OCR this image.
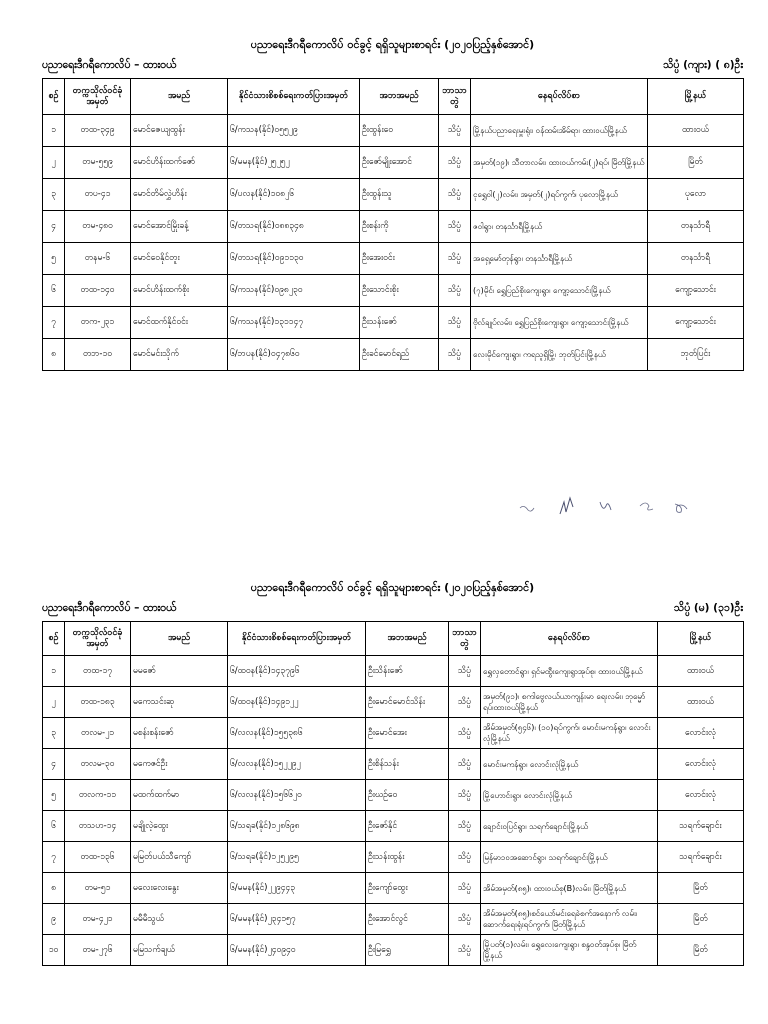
ပညာရေးဒီဂရီကောလိပ် ဝင်ခွင့် ရရှိသူများစာရင်း (၂၀၂၀ပြည့်နှစ်အောင်)
ပညာရေးဒီဂရီကောလိပ် – ထားဝယ်	သိပ္ပံ (ကျား) ( ၈)ဦး
စဉ်	တက္ကသိုလ်ဝင်ခုံအမှတ်	အမည်	နိုင်ငံသားစိစစ်ရေးကတ်ပြားအမှတ်	အဘအမည်	ဘာသာတွဲ	နေရပ်လိပ်စာ	မြို့နယ်
၁	တထ-၃၄၉	မောင်ဇေယျထွန်း	၆/ကသန(နိုင်)၀၅၅၂၉	ဦးထွန်းဝေ	သိပ္ပံ	မြို့နယ်ပညာရေးမှူးရုံး၊ ဝန်ထမ်းအိမ်ရာ၊ ထားဝယ်မြို့နယ်	ထားဝယ်
၂	တမ-၅၅၉	မောင်ဟိန်းထက်ဇော်	၆/မမန(နိုင်)၂၅၂၅၂	ဦးဇော်မျိုးအောင်	သိပ္ပံ	အမှတ်(၁၉)၊ သီတာလမ်း၊ ထားဝယ်ကမ်း(၂)ရပ်၊ မြိတ်မြို့နယ်	မြိတ်
၃	တပ-၄၁	မောင်တိမ်လွှဲဟိန်း	၆/ပလန(နိုင်)၁၀၈၂၆	ဦးထွန်းသူ	သိပ္ပံ	ငုရွှေဝါ(၂)လမ်း၊ အမှတ်(၂)ရပ်ကွက်၊ ပုလောမြို့နယ်	ပုလော
၄	တမ-၄၈၀	မောင်အောင်မြိုးခန့်	၆/တသရ(နိုင်)၀၈၈၃၄၈	ဦးစန်းကို	သိပ္ပံ	ဇဝါရွာ၊ တနင်္သာရီမြို့နယ်	တနင်္သာရီ
၅	တနမ-၆	မောင်ဝေနိုင်တူး	၆/တသရ(နိုင်)၀၉၁၁၃၀	ဦးအေးဝင်း	သိပ္ပံ	အရှေ့မော်တုန်ရွာ၊ တနင်္သာရီမြို့နယ်	တနင်္သာရီ
၆	တထ-၁၄၀	မောင်ဟိန်းထက်စိုး	၆/ကသန(နိုင်)၀၉၈၂၃၀	ဦးသောင်းစိုး	သိပ္ပံ	(၇)မိုင်၊ ရွှေပြည်စိုးကျေးရွာ၊ ကျော့သောင်းမြို့နယ်	ကျော့သောင်း
၇	တက-၂၃၁	မောင်ထက်နိုင်ဝင်း	၆/ကသန(နိုင်)၁၃၁၁၄၇	ဦးသန်းဇော်	သိပ္ပံ	ဗိုလ်ချုပ်လမ်း၊ ရွှေပြည်စိုးကျေးရွာ၊ ကျော့သောင်းမြို့နယ်	ကျော့သောင်း
၈	တဘ-၁၀	မောင်မင်းသိုက်	၆/ဘပန(နိုင်)၀၄၇၈၆၀	ဦးခင်မောင်ရည်	သိပ္ပံ	လေးမိုင်ကျေးရွာ၊ ကရသူရှိမြို့၊ ဘုတ်ပြင်းမြို့နယ်	ဘုတ်ပြင်း
ပညာရေးဒီဂရီကောလိပ် ဝင်ခွင့် ရရှိသူများစာရင်း (၂၀၂၀ပြည့်နှစ်အောင်)
ပညာရေးဒီဂရီကောလိပ် – ထားဝယ်	သိပ္ပံ (မ) (၃၁)ဦး
စဉ်	တက္ကသိုလ်ဝင်ခုံအမှတ်	အမည်	နိုင်ငံသားစိစစ်ရေးကတ်ပြားအမှတ်	အဘအမည်	ဘာသာတွဲ	နေရပ်လိပ်စာ	မြို့နယ်
၁	တထ-၁၇	မမဇော်	၆/ထဝန(နိုင်)၁၄၃၇၉၆	ဦးသိန်းဇော်	သိပ္ပံ	ရွှေလှတောင်ရွာ၊ ရှင်မထွီးကျေးရွာအုပ်စု၊ ထားဝယ်မြို့နယ်	ထားဝယ်
၂	တထ-၁၈၃	မကေသင်းဆု	၆/ထဝန(နိုင်)၁၄၉၁၂၂	ဦးမောင်မောင်သိန်း	သိပ္ပံ	အမှတ်(၉၁)၊ စကါဗွေလယ်ယာကျန်းမာ ရေးလမ်း၊ ဘုမ္မော်ရပ်၊ထားဝယ်မြို့နယ်	ထားဝယ်
၃	တလမ-၂၁	မစန်းစန်းဇော်	၆/လလန(နိုင်)၁၅၅၃၈၆	ဦးမောင်အေး	သိပ္ပံ	အိမ်အမှတ်(၅၄၆)၊ (၁၀)ရပ်ကွက်၊ မောင်းမကန်ရွာ၊ လောင်းလုံမြို့နယ်	လောင်းလုံ
၄	တလမ-၃၀	မကေဇင်ဦး	၆/လလန(နိုင်)၁၅၂၂၉၂	ဦးစိန်သန်း	သိပ္ပံ	မောင်းမကန်ရွာ၊ လောင်းလုံမြို့နယ်	လောင်းလုံ
၅	တလက-၁၁	မထက်ထက်မာ	၆/လလန(နိုင်)၁၅၆၆၂၀	ဦးဃဉ်ဝေ	သိပ္ပံ	မြို့ဟောင်းရွာ၊ လောင်းလုံမြို့နယ်	လောင်းလုံ
၆	တသဟ-၁၄	မချိုလဲ့ထွေး	၆/သရခ(နိုင်)၁၂၈၆၉၈	ဦးဇော်နိုင်	သိပ္ပံ	ချောင်းဝပြင်ရွာ၊ သရက်ချောင်းမြို့နယ်	သရက်ချောင်း
၇	တထ-၁၃၆	မမြတ်ပယ်သီကျော်	၆/သရခ(နိုင်)၁၂၅၂၉၅	ဦးသန်းထွန်း	သိပ္ပံ	မြန်မာ၁၀အဆောင်ရွာ၊ သရက်ချောင်းမြို့နယ်	သရက်ချောင်း
၈	တမ-၅၁	မလေးလေးနွေး	၆/မမန(နိုင်)၂၂၉၄၄၃	ဦးကျော်ထွေး	သိပ္ပံ	အိမ်အမှတ်(၈၅)၊ ထားဝယ်စု(B)လမ်း၊ မြိတ်မြို့နယ်	မြိတ်
၉	တမ-၄၂၁	မမီမီသွယ်	၆/မမန(နိုင်)၂၃၄၁၅၇	ဦးအောင်လွင်	သိပ္ပံ	အိမ်အမှတ်(၈၅)၊စင်ယော်မင်းရေခဲစက်အနောက် လမ်း၊ ဆောက်ရေးရုံးရပ်ကွက်၊ မြိတ်မြို့နယ်	မြိတ်
၁၀	တမ-၂၇၆	မမြသက်ချယ်	၆/မမန(နိုင်)၂၄၀၉၄၀	ဦးမြရွှေ	သိပ္ပံ	မြို့ပတ်(၁)လမ်း၊ ရွှေလေးကျေးရွာ၊ စန္ဒဝတ်အုပ်စု၊ မြိတ်မြို့နယ်	မြိတ်
